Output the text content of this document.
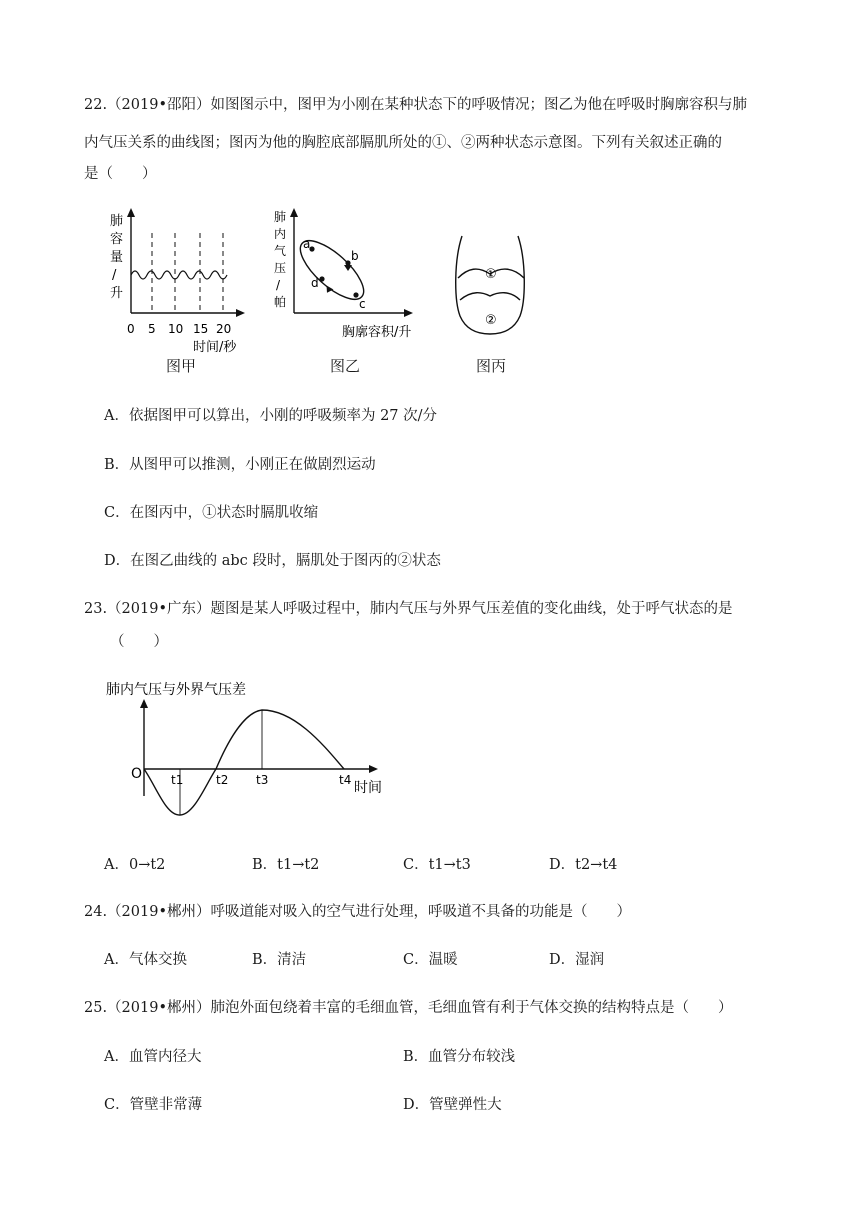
22.（2019•邵阳）如图图示中，图甲为小刚在某种状态下的呼吸情况；图乙为他在呼吸时胸廓容积与肺
内气压关系的曲线图；图丙为他的胸腔底部膈肌所处的①、②两种状态示意图。下列有关叙述正确的
是（　　）
肺
容
量
/
升
0 5 10 15 20
时间/秒
图甲
肺
内
气
压
/
帕
a
b
c
d
胸廓容积/升
图乙
①
②
图丙
A．依据图甲可以算出，小刚的呼吸频率为 27 次/分
B．从图甲可以推测，小刚正在做剧烈运动
C．在图丙中，①状态时膈肌收缩
D．在图乙曲线的 abc 段时，膈肌处于图丙的②状态
23.（2019•广东）题图是某人呼吸过程中，肺内气压与外界气压差值的变化曲线，处于呼气状态的是
（　　）
肺内气压与外界气压差
O t1	t2 t3	t4 时间
A．0→t2	B．t1→t2	C．t1→t3	D．t2→t4
24.（2019•郴州）呼吸道能对吸入的空气进行处理，呼吸道不具备的功能是（　　）
A．气体交换	B．清洁	C．温暖	D．湿润
25.（2019•郴州）肺泡外面包绕着丰富的毛细血管，毛细血管有利于气体交换的结构特点是（　　）
A．血管内径大	B．血管分布较浅
C．管壁非常薄	D．管壁弹性大
